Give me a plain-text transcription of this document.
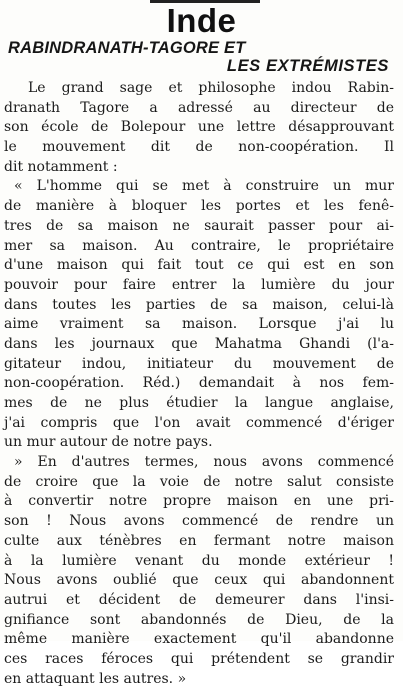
Inde
RABINDRANATH-TAGORE ET
LES EXTRÉMISTES
Le grand sage et philosophe indou Rabin-
dranath Tagore a adressé au directeur de
son école de Bolepour une lettre désapprouvant
le mouvement dit de non-coopération. Il
dit notamment :
« L'homme qui se met à construire un mur
de manière à bloquer les portes et les fenê-
tres de sa maison ne saurait passer pour ai-
mer sa maison. Au contraire, le propriétaire
d'une maison qui fait tout ce qui est en son
pouvoir pour faire entrer la lumière du jour
dans toutes les parties de sa maison, celui-là
aime vraiment sa maison. Lorsque j'ai lu
dans les journaux que Mahatma Ghandi (l'a-
gitateur indou, initiateur du mouvement de
non-coopération. Réd.) demandait à nos fem-
mes de ne plus étudier la langue anglaise,
j'ai compris que l'on avait commencé d'ériger
un mur autour de notre pays.
» En d'autres termes, nous avons commencé
de croire que la voie de notre salut consiste
à convertir notre propre maison en une pri-
son ! Nous avons commencé de rendre un
culte aux ténèbres en fermant notre maison
à la lumière venant du monde extérieur !
Nous avons oublié que ceux qui abandonnent
autrui et décident de demeurer dans l'insi-
gnifiance sont abandonnés de Dieu, de la
même manière exactement qu'il abandonne
ces races féroces qui prétendent se grandir
en attaquant les autres. »
